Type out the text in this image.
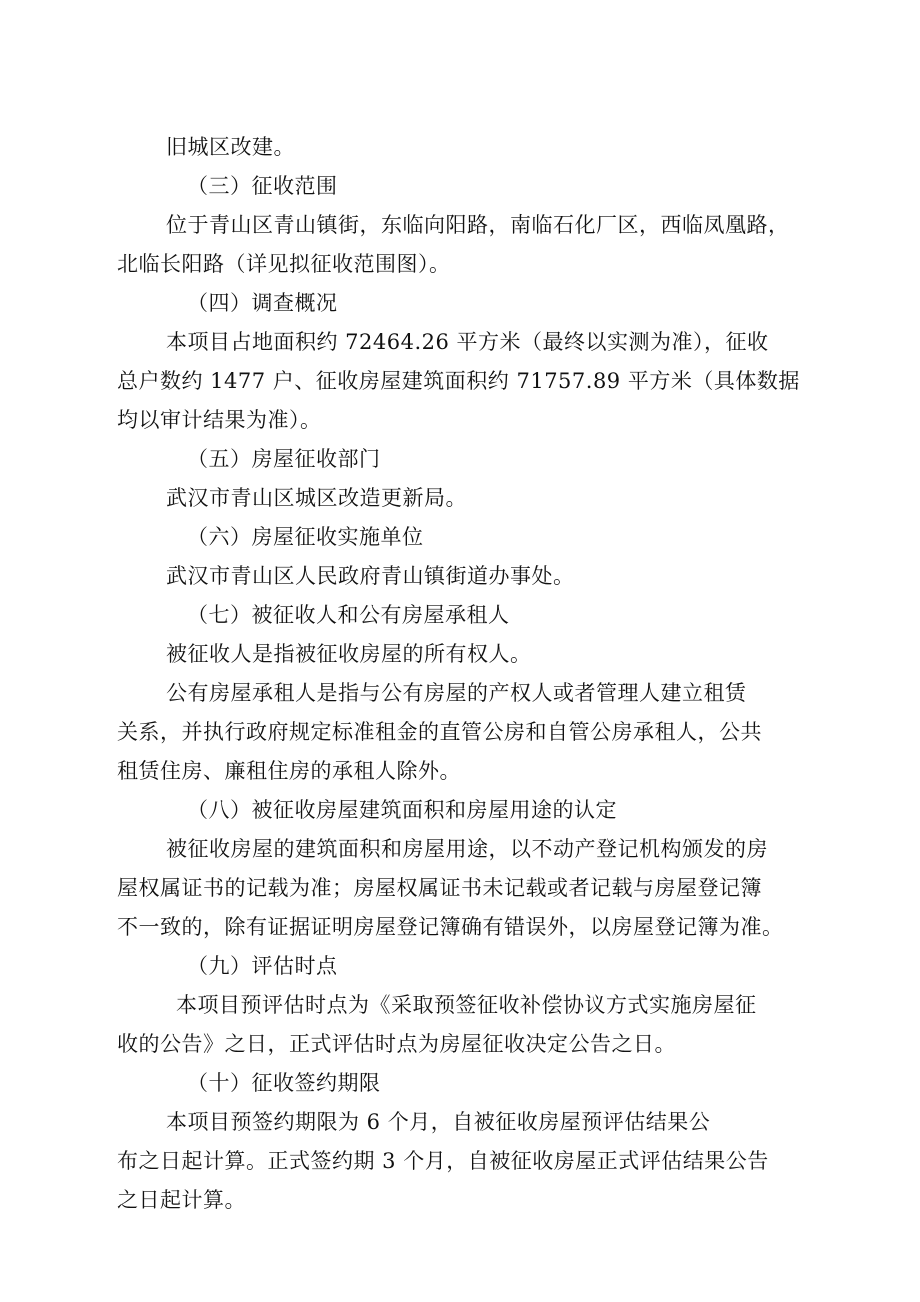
旧城区改建。
（三）征收范围
位于青山区青山镇街，东临向阳路，南临石化厂区，西临凤凰路，
北临长阳路（详见拟征收范围图）。
（四）调查概况
本项目占地面积约 72464.26 平方米（最终以实测为准），征收
总户数约 1477 户、征收房屋建筑面积约 71757.89 平方米（具体数据
均以审计结果为准）。
（五）房屋征收部门
武汉市青山区城区改造更新局。
（六）房屋征收实施单位
武汉市青山区人民政府青山镇街道办事处。
（七）被征收人和公有房屋承租人
被征收人是指被征收房屋的所有权人。
公有房屋承租人是指与公有房屋的产权人或者管理人建立租赁
关系，并执行政府规定标准租金的直管公房和自管公房承租人，公共
租赁住房、廉租住房的承租人除外。
（八）被征收房屋建筑面积和房屋用途的认定
被征收房屋的建筑面积和房屋用途，以不动产登记机构颁发的房
屋权属证书的记载为准；房屋权属证书未记载或者记载与房屋登记簿
不一致的，除有证据证明房屋登记簿确有错误外，以房屋登记簿为准。
（九）评估时点
本项目预评估时点为《采取预签征收补偿协议方式实施房屋征
收的公告》之日，正式评估时点为房屋征收决定公告之日。
（十）征收签约期限
本项目预签约期限为 6 个月，自被征收房屋预评估结果公
布之日起计算。正式签约期 3 个月，自被征收房屋正式评估结果公告
之日起计算。
